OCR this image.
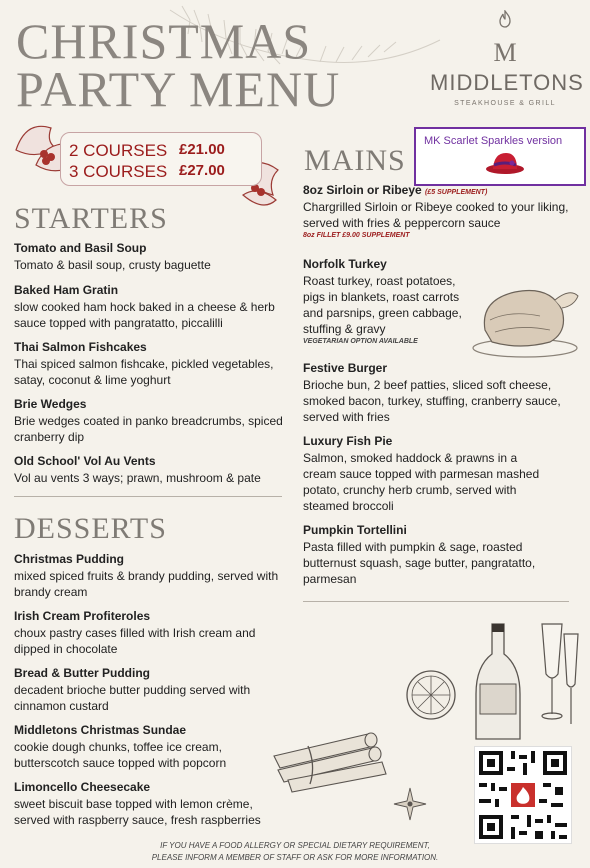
CHRISTMAS
PARTY MENU
M
MIDDLETONS
STEAKHOUSE & GRILL
2 COURSES £21.00
3 COURSES £27.00
MK Scarlet Sparkles version
STARTERS
Tomato and Basil Soup
Tomato & basil soup, crusty baguette
Baked Ham Gratin
slow cooked ham hock baked in a cheese & herb sauce topped with pangratatto, piccalilli
Thai Salmon Fishcakes
Thai spiced salmon fishcake, pickled vegetables, satay, coconut & lime yoghurt
Brie Wedges
Brie wedges coated in panko breadcrumbs, spiced cranberry dip
Old School' Vol Au Vents
Vol au vents 3 ways; prawn, mushroom & pate
DESSERTS
Christmas Pudding
mixed spiced fruits & brandy pudding, served with brandy cream
Irish Cream Profiteroles
choux pastry cases filled with Irish cream and dipped in chocolate
Bread & Butter Pudding
decadent brioche butter pudding served with cinnamon custard
Middletons Christmas Sundae
cookie dough chunks, toffee ice cream, butterscotch sauce topped with popcorn
Limoncello Cheesecake
sweet biscuit base topped with lemon crème, served with raspberry sauce, fresh raspberries
MAINS
8oz Sirloin or Ribeye (£5 SUPPLEMENT)
Chargrilled Sirloin or Ribeye cooked to your liking, served with fries & peppercorn sauce
8oz FILLET £9.00 SUPPLEMENT
Norfolk Turkey
Roast turkey, roast potatoes, pigs in blankets, roast carrots and parsnips, green cabbage, stuffing & gravy
VEGETARIAN OPTION AVAILABLE
Festive Burger
Brioche bun, 2 beef patties, sliced soft cheese, smoked bacon, turkey, stuffing, cranberry sauce, served with fries
Luxury Fish Pie
Salmon, smoked haddock & prawns in a cream sauce topped with parmesan mashed potato, crunchy herb crumb, served with steamed broccoli
Pumpkin Tortellini
Pasta filled with pumpkin & sage, roasted butternust squash, sage butter, pangratatto, parmesan
IF YOU HAVE A FOOD ALLERGY OR SPECIAL DIETARY REQUIREMENT,
PLEASE INFORM A MEMBER OF STAFF OR ASK FOR MORE INFORMATION.
